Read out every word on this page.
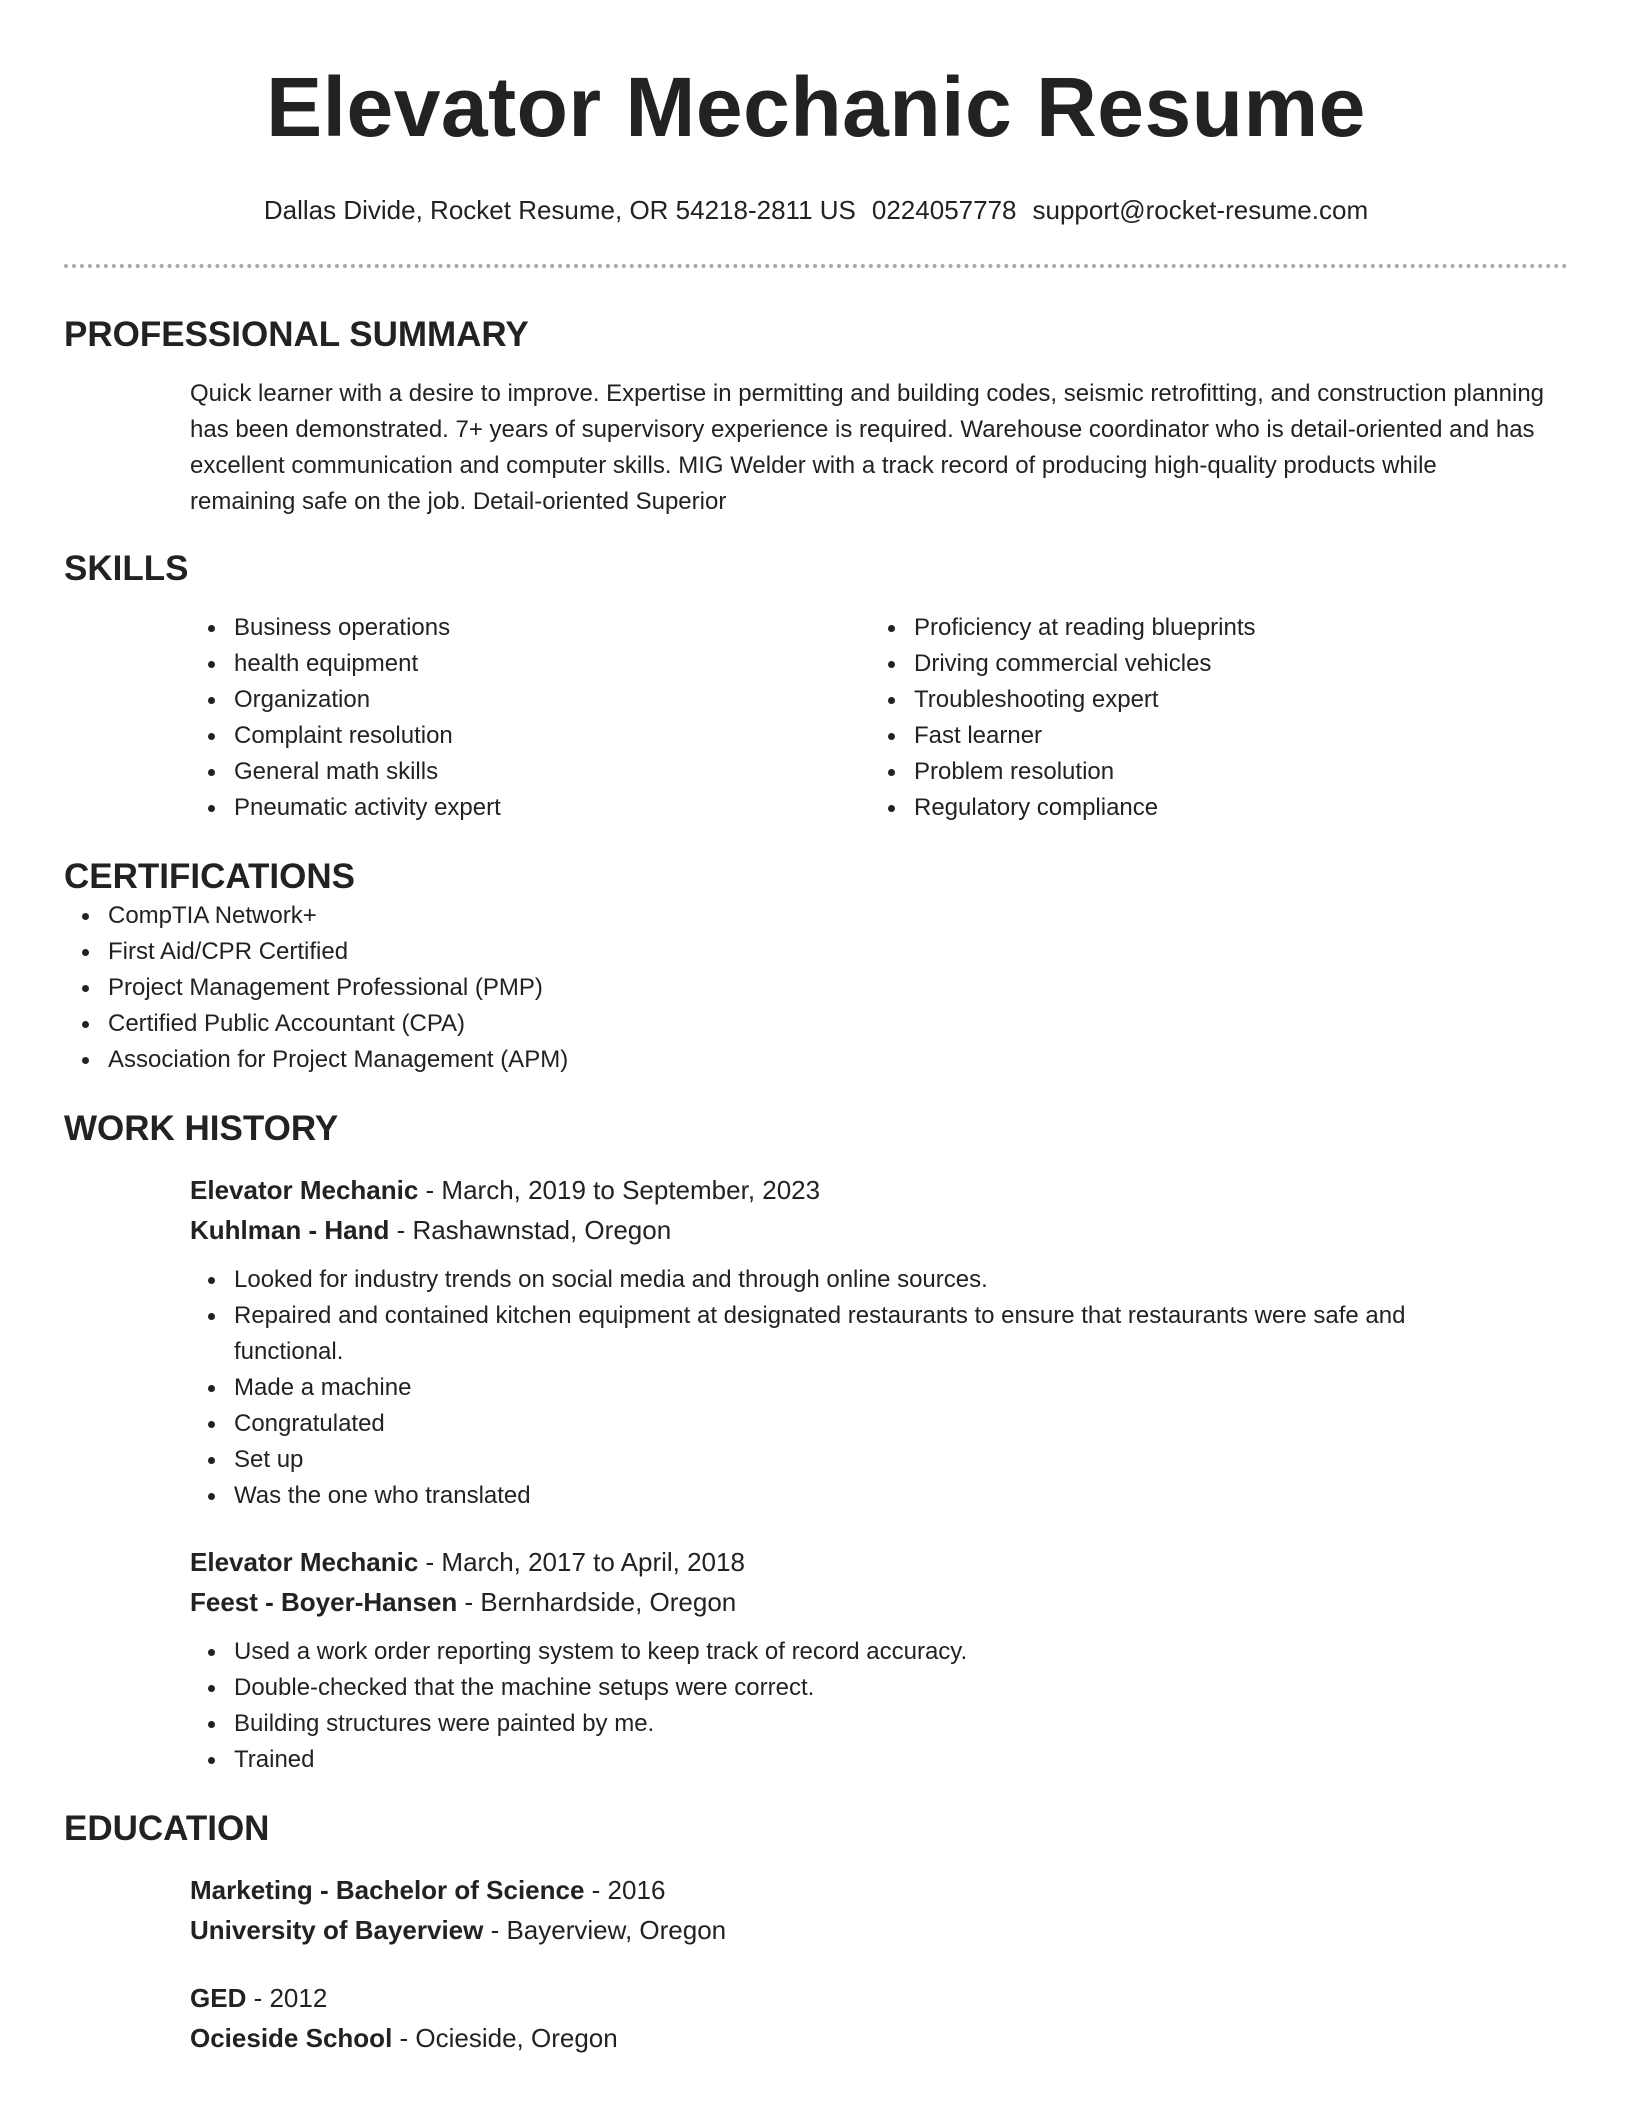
Elevator Mechanic Resume
Dallas Divide, Rocket Resume, OR 54218-2811 US 0224057778 support@rocket-resume.com
PROFESSIONAL SUMMARY
Quick learner with a desire to improve. Expertise in permitting and building codes, seismic retrofitting, and construction planning has been demonstrated. 7+ years of supervisory experience is required. Warehouse coordinator who is detail-oriented and has excellent communication and computer skills. MIG Welder with a track record of producing high-quality products while remaining safe on the job. Detail-oriented Superior
SKILLS
Business operations
health equipment
Organization
Complaint resolution
General math skills
Pneumatic activity expert
Proficiency at reading blueprints
Driving commercial vehicles
Troubleshooting expert
Fast learner
Problem resolution
Regulatory compliance
CERTIFICATIONS
CompTIA Network+
First Aid/CPR Certified
Project Management Professional (PMP)
Certified Public Accountant (CPA)
Association for Project Management (APM)
WORK HISTORY
Elevator Mechanic - March, 2019 to September, 2023
Kuhlman - Hand - Rashawnstad, Oregon
Looked for industry trends on social media and through online sources.
Repaired and contained kitchen equipment at designated restaurants to ensure that restaurants were safe and functional.
Made a machine
Congratulated
Set up
Was the one who translated
Elevator Mechanic - March, 2017 to April, 2018
Feest - Boyer-Hansen - Bernhardside, Oregon
Used a work order reporting system to keep track of record accuracy.
Double-checked that the machine setups were correct.
Building structures were painted by me.
Trained
EDUCATION
Marketing - Bachelor of Science - 2016
University of Bayerview - Bayerview, Oregon
GED - 2012
Ocieside School - Ocieside, Oregon
